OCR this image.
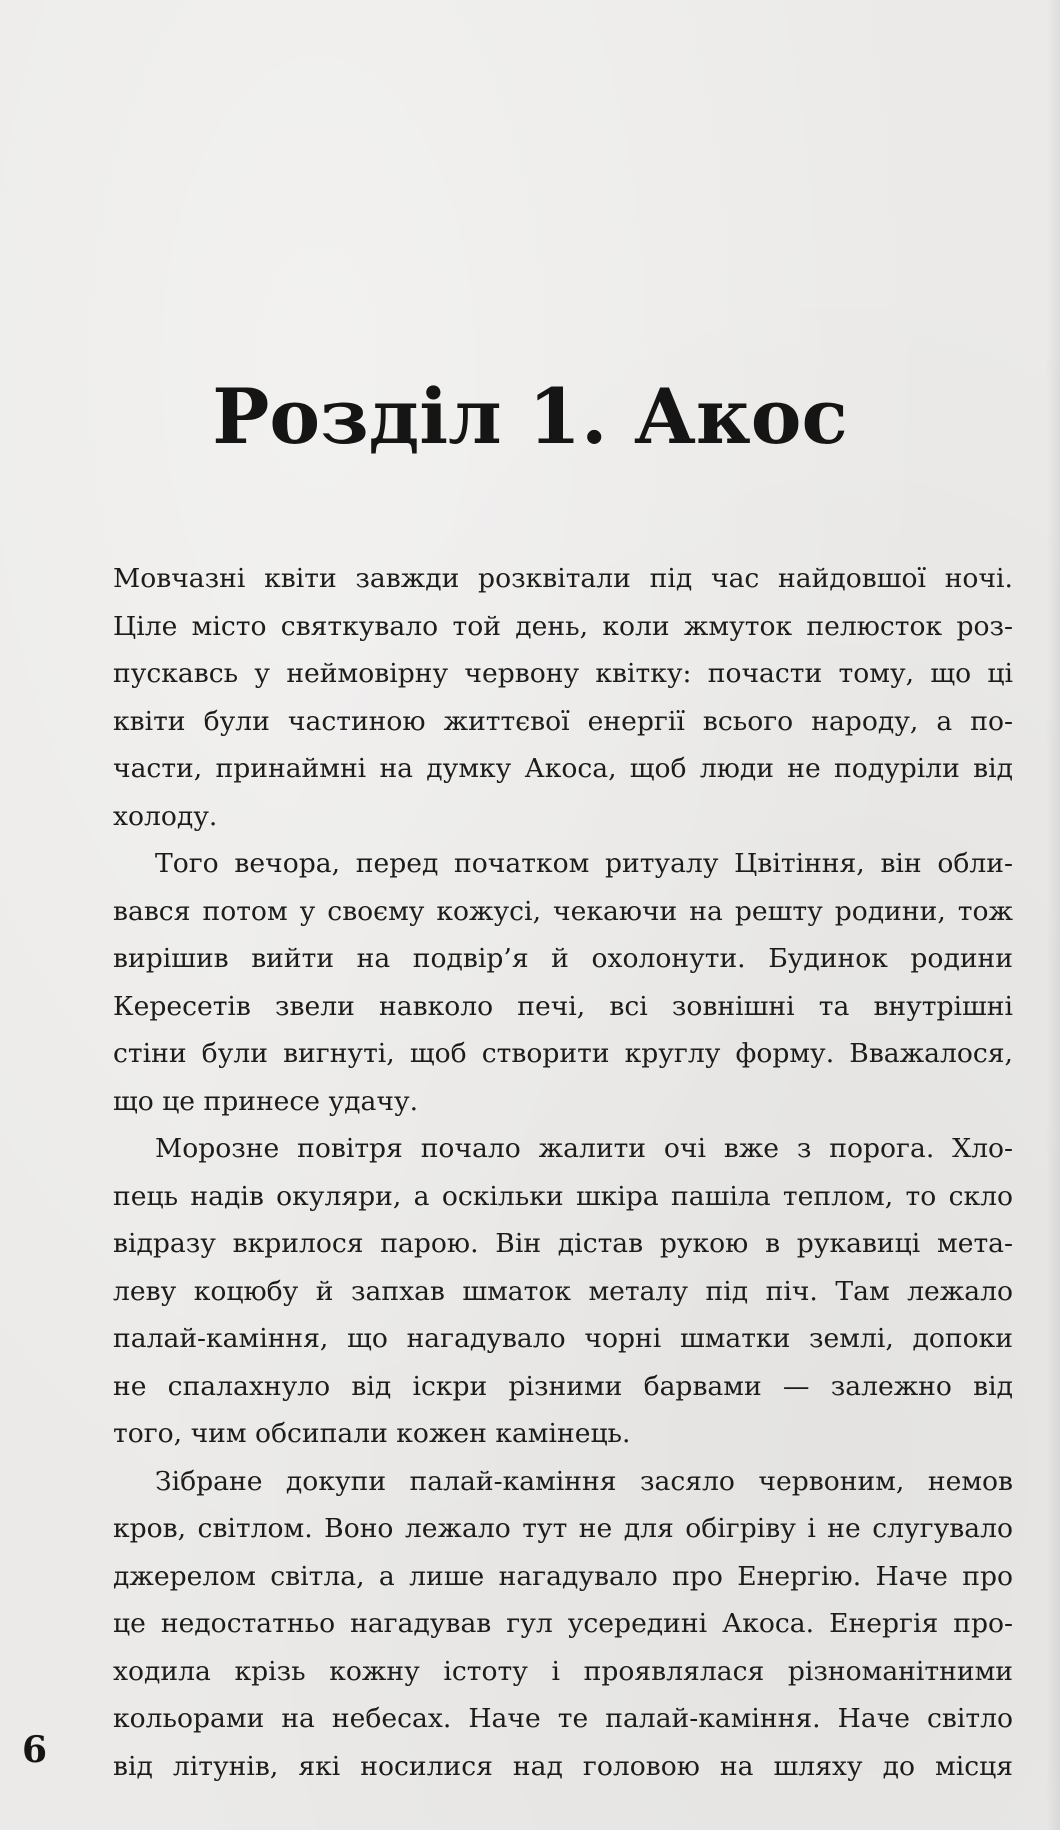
Розділ 1. Акос

Мовчазні квіти завжди розквітали під час найдовшої ночі.

Ціле місто святкувало той день, коли жмуток пелюсток роз-

пускавсь у неймовірну червону квітку: почасти тому, що ці

квіти були частиною життєвої енергії всього народу, а по-

части, принаймні на думку Акоса, щоб люди не подуріли від

холоду.

Того вечора, перед початком ритуалу Цвітіння, він обли-

вався потом у своєму кожусі, чекаючи на решту родини, тож

вирішив вийти на подвір’я й охолонути. Будинок родини

Кересетів звели навколо печі, всі зовнішні та внутрішні

стіни були вигнуті, щоб створити круглу форму. Вважалося,

що це принесе удачу.

Морозне повітря почало жалити очі вже з порога. Хло-

пець надів окуляри, а оскільки шкіра пашіла теплом, то скло

відразу вкрилося парою. Він дістав рукою в рукавиці мета-

леву коцюбу й запхав шматок металу під піч. Там лежало

палай-каміння, що нагадувало чорні шматки землі, допоки

не спалахнуло від іскри різними барвами — залежно від

того, чим обсипали кожен камінець.

Зібране докупи палай-каміння засяло червоним, немов

кров, світлом. Воно лежало тут не для обігріву і не слугувало

джерелом світла, а лише нагадувало про Енергію. Наче про

це недостатньо нагадував гул усередині Акоса. Енергія про-

ходила крізь кожну істоту і проявлялася різноманітними

кольорами на небесах. Наче те палай-каміння. Наче світло

від літунів, які носилися над головою на шляху до місця

6
